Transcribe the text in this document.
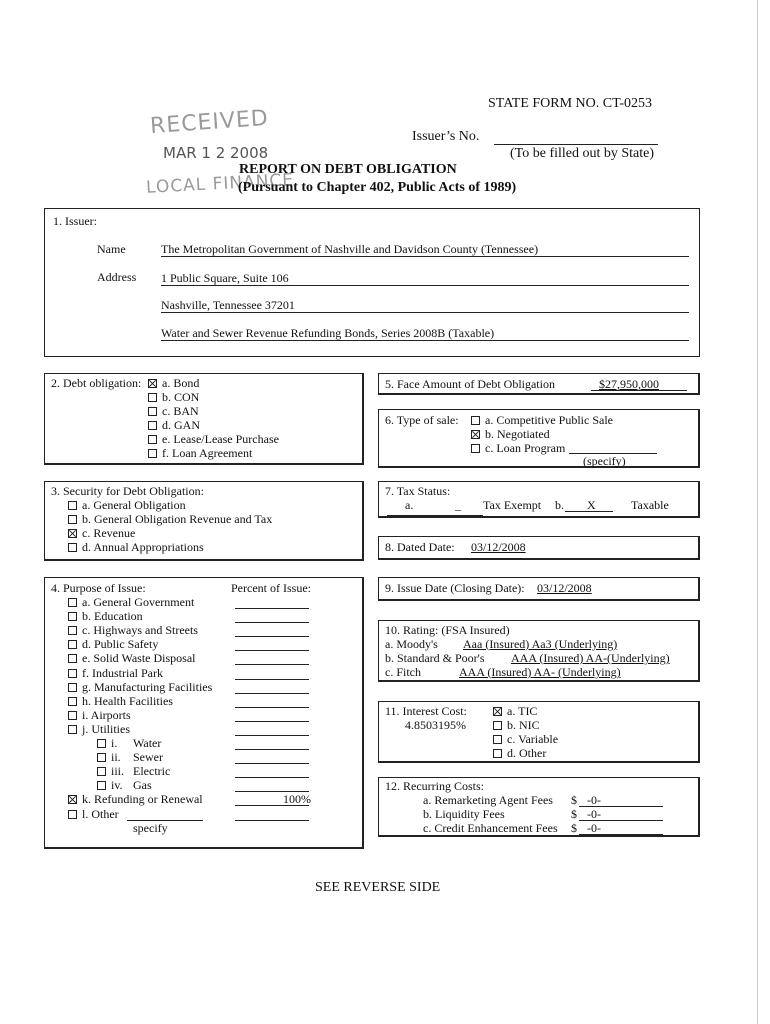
STATE FORM NO. CT-0253
Issuer’s No.
(To be filled out by State)
RECEIVED
MAR 1 2 2008
LOCAL FINANCE
REPORT ON DEBT OBLIGATION
(Pursuant to Chapter 402, Public Acts of 1989)
1. Issuer:
Name	The Metropolitan Government of Nashville and Davidson County (Tennessee)
Address 1 Public Square, Suite 106
Nashville, Tennessee 37201
Water and Sewer Revenue Refunding Bonds, Series 2008B (Taxable)
2. Debt obligation:	a. Bond
b. CON
c. BAN
d. GAN
e. Lease/Lease Purchase
f. Loan Agreement
3. Security for Debt Obligation:
a. General Obligation
b. General Obligation Revenue and Tax
c. Revenue
d. Annual Appropriations
4. Purpose of Issue:	Percent of Issue:
a. General Government
b. Education
c. Highways and Streets
d. Public Safety
e. Solid Waste Disposal
f. Industrial Park
g. Manufacturing Facilities
h. Health Facilities
i. Airports
j. Utilities
i. Water
ii. Sewer
iii. Electric
iv. Gas
k. Refunding or Renewal	100%
l. Other
specify
5. Face Amount of Debt Obligation	$27,950,000
6. Type of sale:	a. Competitive Public Sale
b. Negotiated
c. Loan Program
(specify)
7. Tax Status:
a.	_ Tax Exempt b. X	Taxable
8. Dated Date: 03/12/2008
9. Issue Date (Closing Date): 03/12/2008
10. Rating: (FSA Insured)
a. Moody's Aaa (Insured) Aa3 (Underlying)
b. Standard & Poor's AAA (Insured) AA-(Underlying)
c. Fitch	AAA (Insured) AA- (Underlying)
11. Interest Cost:
4.8503195%
a. TIC
b. NIC
c. Variable
d. Other
12. Recurring Costs:
a. Remarketing Agent Fees $ -0-
b. Liquidity Fees	$ -0-
c. Credit Enhancement Fees $ -0-
SEE REVERSE SIDE
